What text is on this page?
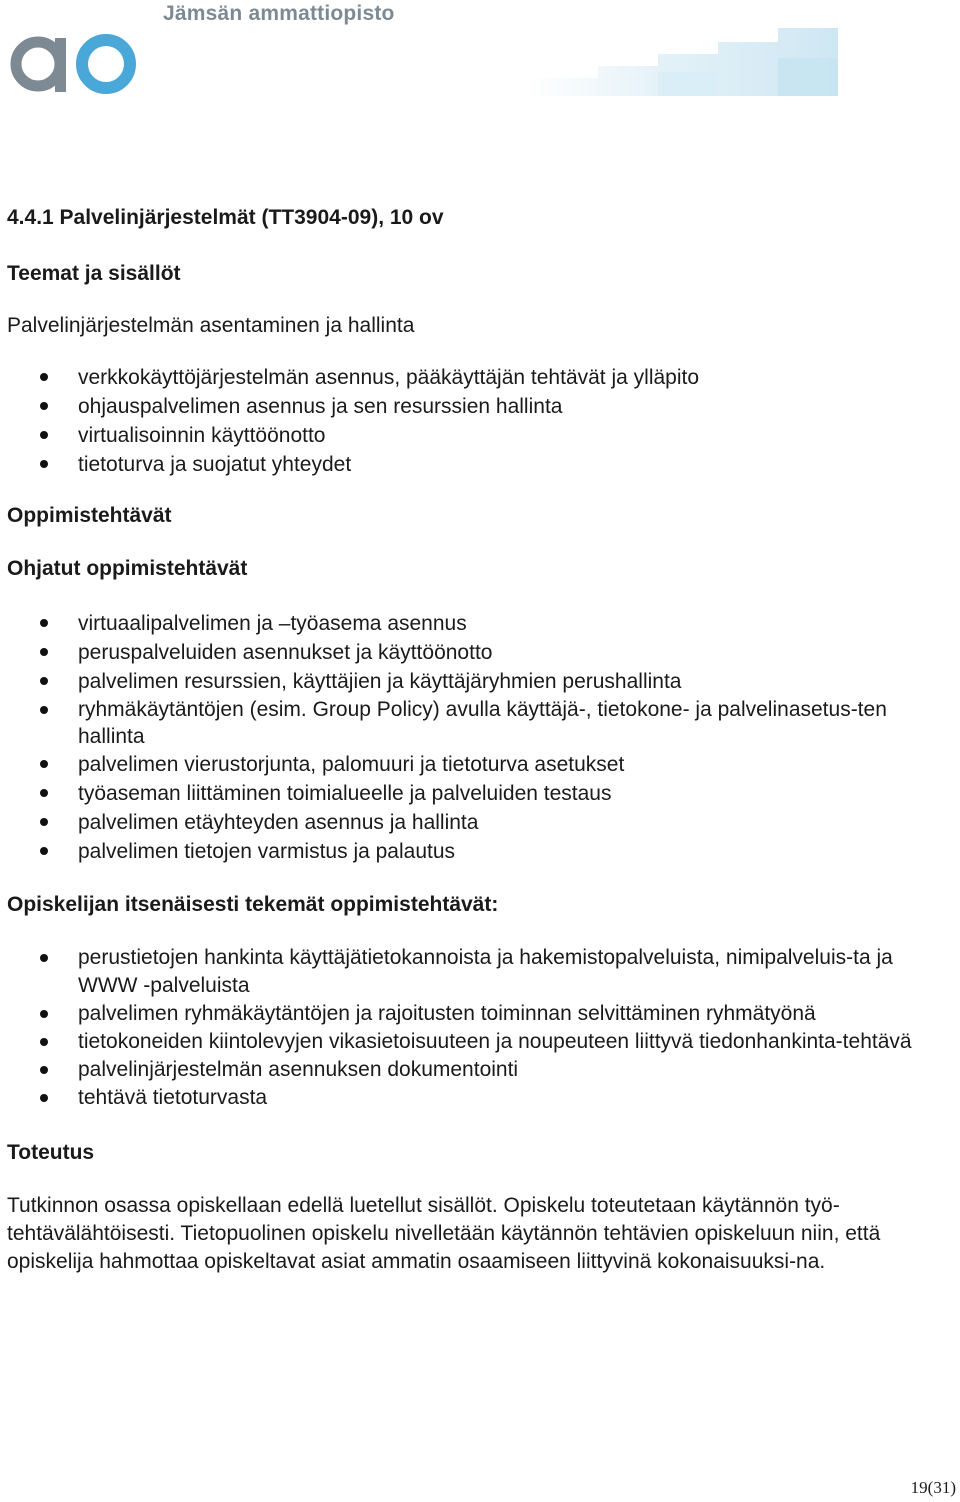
Jämsän ammattiopisto
4.4.1 Palvelinjärjestelmät (TT3904-09), 10 ov
Teemat ja sisällöt
Palvelinjärjestelmän asentaminen ja hallinta
verkkokäyttöjärjestelmän asennus, pääkäyttäjän tehtävät ja ylläpito
ohjauspalvelimen asennus ja sen resurssien hallinta
virtualisoinnin käyttöönotto
tietoturva ja suojatut yhteydet
Oppimistehtävät
Ohjatut oppimistehtävät
virtuaalipalvelimen ja –työasema asennus
peruspalveluiden asennukset ja käyttöönotto
palvelimen resurssien, käyttäjien ja käyttäjäryhmien perushallinta
ryhmäkäytäntöjen (esim. Group Policy) avulla käyttäjä-, tietokone- ja palvelinasetus-ten hallinta
palvelimen vierustorjunta, palomuuri ja tietoturva asetukset
työaseman liittäminen toimialueelle ja palveluiden testaus
palvelimen etäyhteyden asennus ja hallinta
palvelimen tietojen varmistus ja palautus
Opiskelijan itsenäisesti tekemät oppimistehtävät:
perustietojen hankinta käyttäjätietokannoista ja hakemistopalveluista, nimipalveluis-ta ja WWW -palveluista
palvelimen ryhmäkäytäntöjen ja rajoitusten toiminnan selvittäminen ryhmätyönä
tietokoneiden kiintolevyjen vikasietoisuuteen ja noupeuteen liittyvä tiedonhankinta-tehtävä
palvelinjärjestelmän asennuksen dokumentointi
tehtävä tietoturvasta
Toteutus
Tutkinnon osassa opiskellaan edellä luetellut sisällöt. Opiskelu toteutetaan käytännön työ-tehtävälähtöisesti. Tietopuolinen opiskelu nivelletään käytännön tehtävien opiskeluun niin, että opiskelija hahmottaa opiskeltavat asiat ammatin osaamiseen liittyvinä kokonaisuuksi-na.
19(31)
